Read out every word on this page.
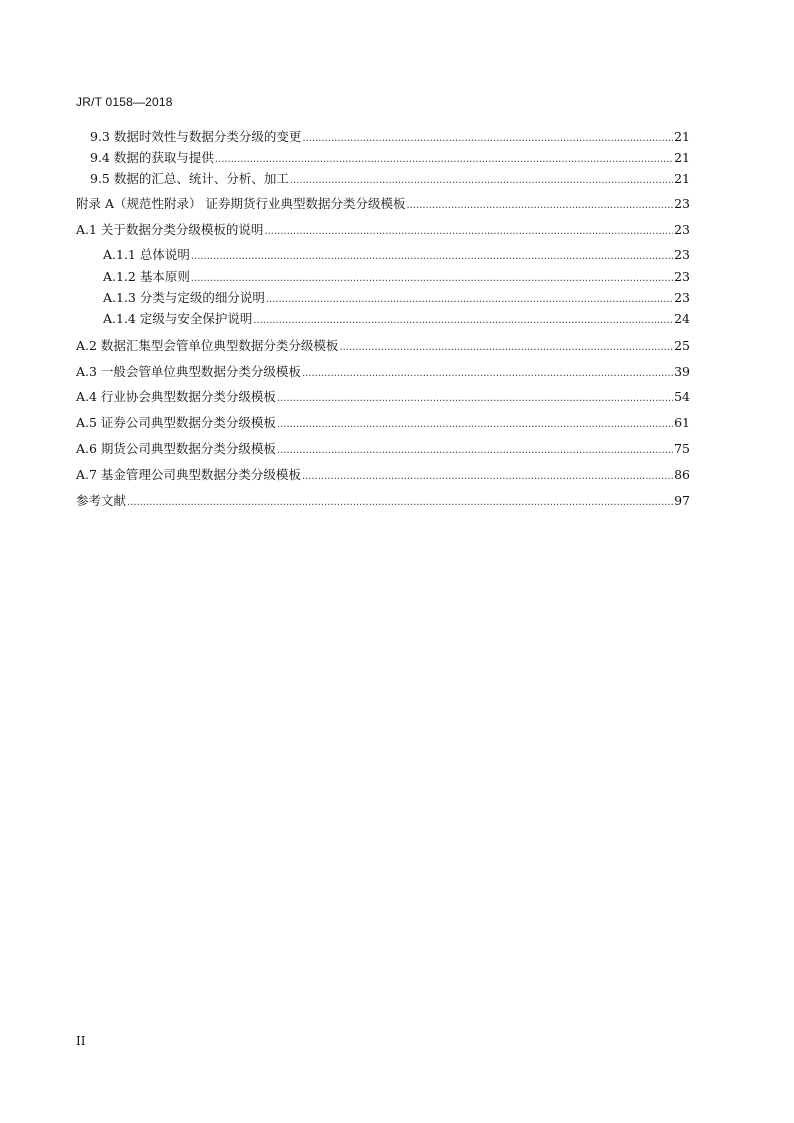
JR/T 0158—2018
9.3 数据时效性与数据分类分级的变更 .....	21
9.4 数据的获取与提供 .....	21
9.5 数据的汇总、统计、分析、加工 .....	21
附录 A（规范性附录） 证券期货行业典型数据分类分级模板 .....	23
A.1 关于数据分类分级模板的说明 .....	23
A.1.1 总体说明 .....	23
A.1.2 基本原则 .....	23
A.1.3 分类与定级的细分说明 .....	23
A.1.4 定级与安全保护说明 .....	24
A.2 数据汇集型会管单位典型数据分类分级模板 .....	25
A.3 一般会管单位典型数据分类分级模板 .....	39
A.4 行业协会典型数据分类分级模板 .....	54
A.5 证券公司典型数据分类分级模板 .....	61
A.6 期货公司典型数据分类分级模板 .....	75
A.7 基金管理公司典型数据分类分级模板 .....	86
参考文献 .....	97
II
